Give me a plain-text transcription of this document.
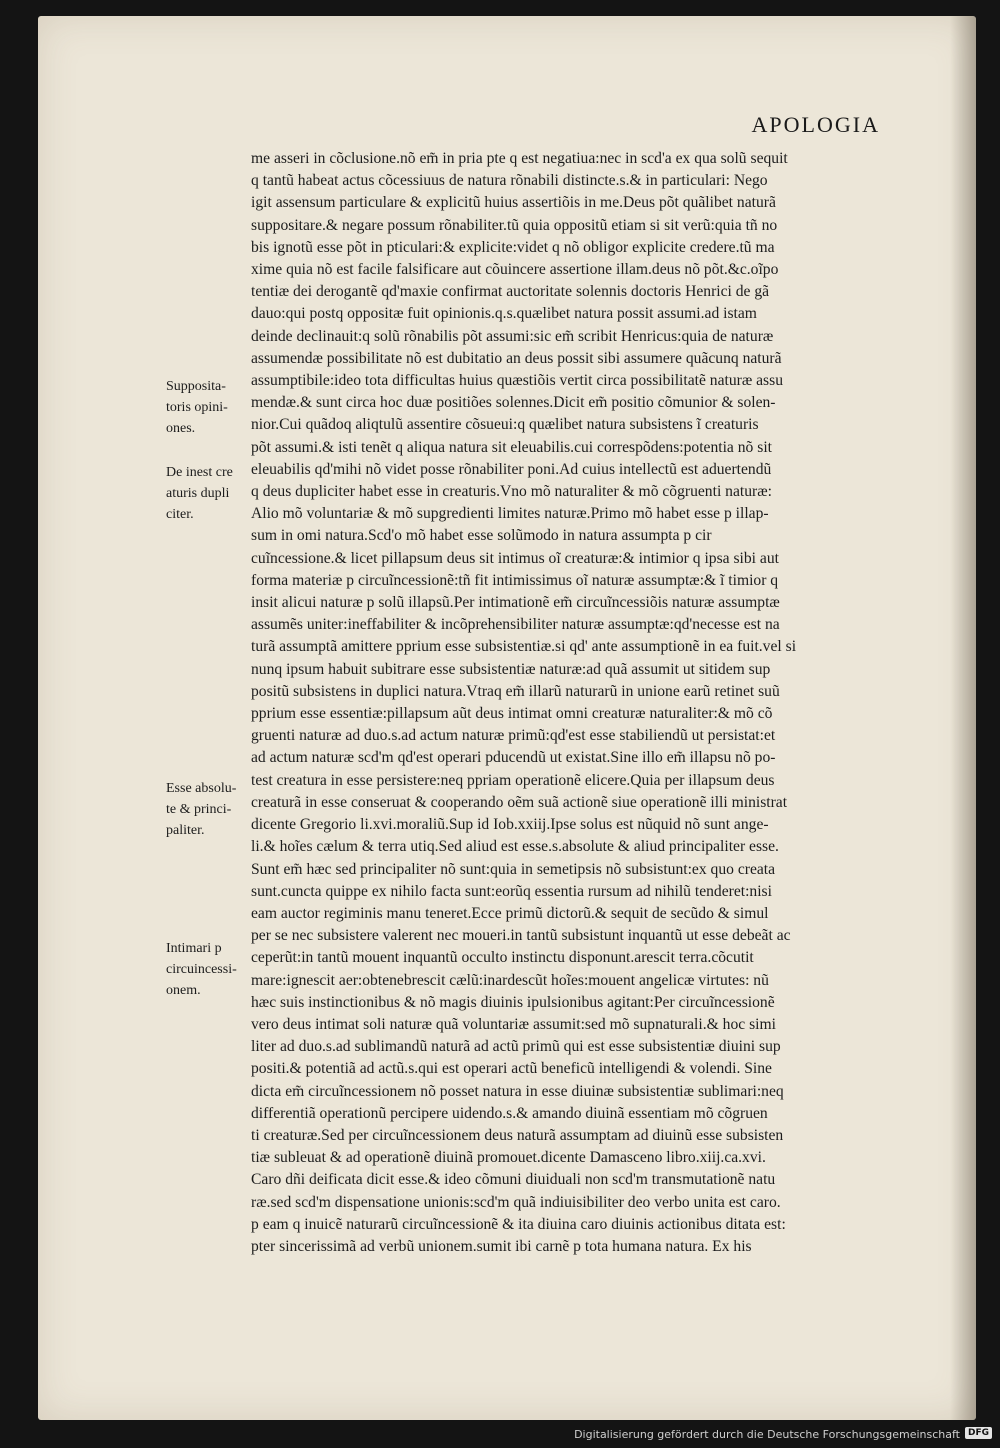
APOLOGIA
Supposita-
toris opini-
ones.
De inest cre
aturis dupli
citer.
Esse absolu-
te & princi-
paliter.
Intimari p
circuincessi-
onem.
me asseri in cõclusione.nõ em̃ in pria pte q est negatiua:nec in scd'a ex qua solũ sequit
q tantũ habeat actus cõcessiuus de natura rõnabili distincte.s.& in particulari: Nego
igit assensum particulare & explicitũ huius assertiõis in me.Deus põt quãlibet naturã
suppositare.& negare possum rõnabiliter.tũ quia oppositũ etiam si sit verũ:quia tñ no
bis ignotũ esse põt in pticulari:& explicite:videt q nõ obligor explicite credere.tũ ma
xime quia nõ est facile falsificare aut cõuincere assertione illam.deus nõ põt.&c.oĩpo
tentiæ dei derogantẽ qd'maxie confirmat auctoritate solennis doctoris Henrici de gã
dauo:qui postq oppositæ fuit opinionis.q.s.quælibet natura possit assumi.ad istam
deinde declinauit:q solũ rõnabilis põt assumi:sic em̃ scribit Henricus:quia de naturæ
assumendæ possibilitate nõ est dubitatio an deus possit sibi assumere quãcunq naturã
assumptibile:ideo tota difficultas huius quæstiõis vertit circa possibilitatẽ naturæ assu
mendæ.& sunt circa hoc duæ positiões solennes.Dicit em̃ positio cõmunior & solen-
nior.Cui quãdoq aliqtulũ assentire cõsueui:q quælibet natura subsistens ĩ creaturis
põt assumi.& isti tenẽt q aliqua natura sit eleuabilis.cui correspõdens:potentia nõ sit
eleuabilis qd'mihi nõ videt posse rõnabiliter poni.Ad cuius intellectũ est aduertendũ
q deus dupliciter habet esse in creaturis.Vno mõ naturaliter & mõ cõgruenti naturæ:
Alio mõ voluntariæ & mõ supgredienti limites naturæ.Primo mõ habet esse p illap-
sum in omi natura.Scd'o mõ habet esse solũmodo in natura assumpta p cir
cuĩncessione.& licet pillapsum deus sit intimus oĩ creaturæ:& intimior q ipsa sibi aut
forma materiæ p circuĩncessionẽ:tñ fit intimissimus oĩ naturæ assumptæ:& ĩ timior q
insit alicui naturæ p solũ illapsũ.Per intimationẽ em̃ circuĩncessiõis naturæ assumptæ
assumẽs uniter:ineffabiliter & incõprehensibiliter naturæ assumptæ:qd'necesse est na
turã assumptã amittere pprium esse subsistentiæ.si qd' ante assumptionẽ in ea fuit.vel si
nunq ipsum habuit subitrare esse subsistentiæ naturæ:ad quã assumit ut sitidem sup
positũ subsistens in duplici natura.Vtraq em̃ illarũ naturarũ in unione earũ retinet suũ
pprium esse essentiæ:pillapsum aũt deus intimat omni creaturæ naturaliter:& mõ cõ
gruenti naturæ ad duo.s.ad actum naturæ primũ:qd'est esse stabiliendũ ut persistat:et
ad actum naturæ scd'm qd'est operari pducendũ ut existat.Sine illo em̃ illapsu nõ po-
test creatura in esse persistere:neq ppriam operationẽ elicere.Quia per illapsum deus
creaturã in esse conseruat & cooperando oẽm suã actionẽ siue operationẽ illi ministrat
dicente Gregorio li.xvi.moraliũ.Sup id Iob.xxiij.Ipse solus est nũquid nõ sunt ange-
li.& hoĩes cælum & terra utiq.Sed aliud est esse.s.absolute & aliud principaliter esse.
Sunt em̃ hæc sed principaliter nõ sunt:quia in semetipsis nõ subsistunt:ex quo creata
sunt.cuncta quippe ex nihilo facta sunt:eorũq essentia rursum ad nihilũ tenderet:nisi
eam auctor regiminis manu teneret.Ecce primũ dictorũ.& sequit de secũdo & simul
per se nec subsistere valerent nec moueri.in tantũ subsistunt inquantũ ut esse debeãt ac
ceperũt:in tantũ mouent inquantũ occulto instinctu disponunt.arescit terra.cõcutit
mare:ignescit aer:obtenebrescit cælũ:inardescũt hoĩes:mouent angelicæ virtutes: nũ
hæc suis instinctionibus & nõ magis diuinis ipulsionibus agitant:Per circuĩncessionẽ
vero deus intimat soli naturæ quã voluntariæ assumit:sed mõ supnaturali.& hoc simi
liter ad duo.s.ad sublimandũ naturã ad actũ primũ qui est esse subsistentiæ diuini sup
positi.& potentiã ad actũ.s.qui est operari actũ beneficũ intelligendi & volendi. Sine
dicta em̃ circuĩncessionem nõ posset natura in esse diuinæ subsistentiæ sublimari:neq
differentiã operationũ percipere uidendo.s.& amando diuinã essentiam mõ cõgruen
ti creaturæ.Sed per circuĩncessionem deus naturã assumptam ad diuinũ esse subsisten
tiæ subleuat & ad operationẽ diuinã promouet.dicente Damasceno libro.xiij.ca.xvi.
Caro dñi deificata dicit esse.& ideo cõmuni diuiduali non scd'm transmutationẽ natu
ræ.sed scd'm dispensatione unionis:scd'm quã indiuisibiliter deo verbo unita est caro.
p eam q inuicẽ naturarũ circuĩncessionẽ & ita diuina caro diuinis actionibus ditata est:
pter sincerissimã ad verbũ unionem.sumit ibi carnẽ p tota humana natura. Ex his
Digitalisierung gefördert durch die Deutsche Forschungsgemeinschaft DFG
